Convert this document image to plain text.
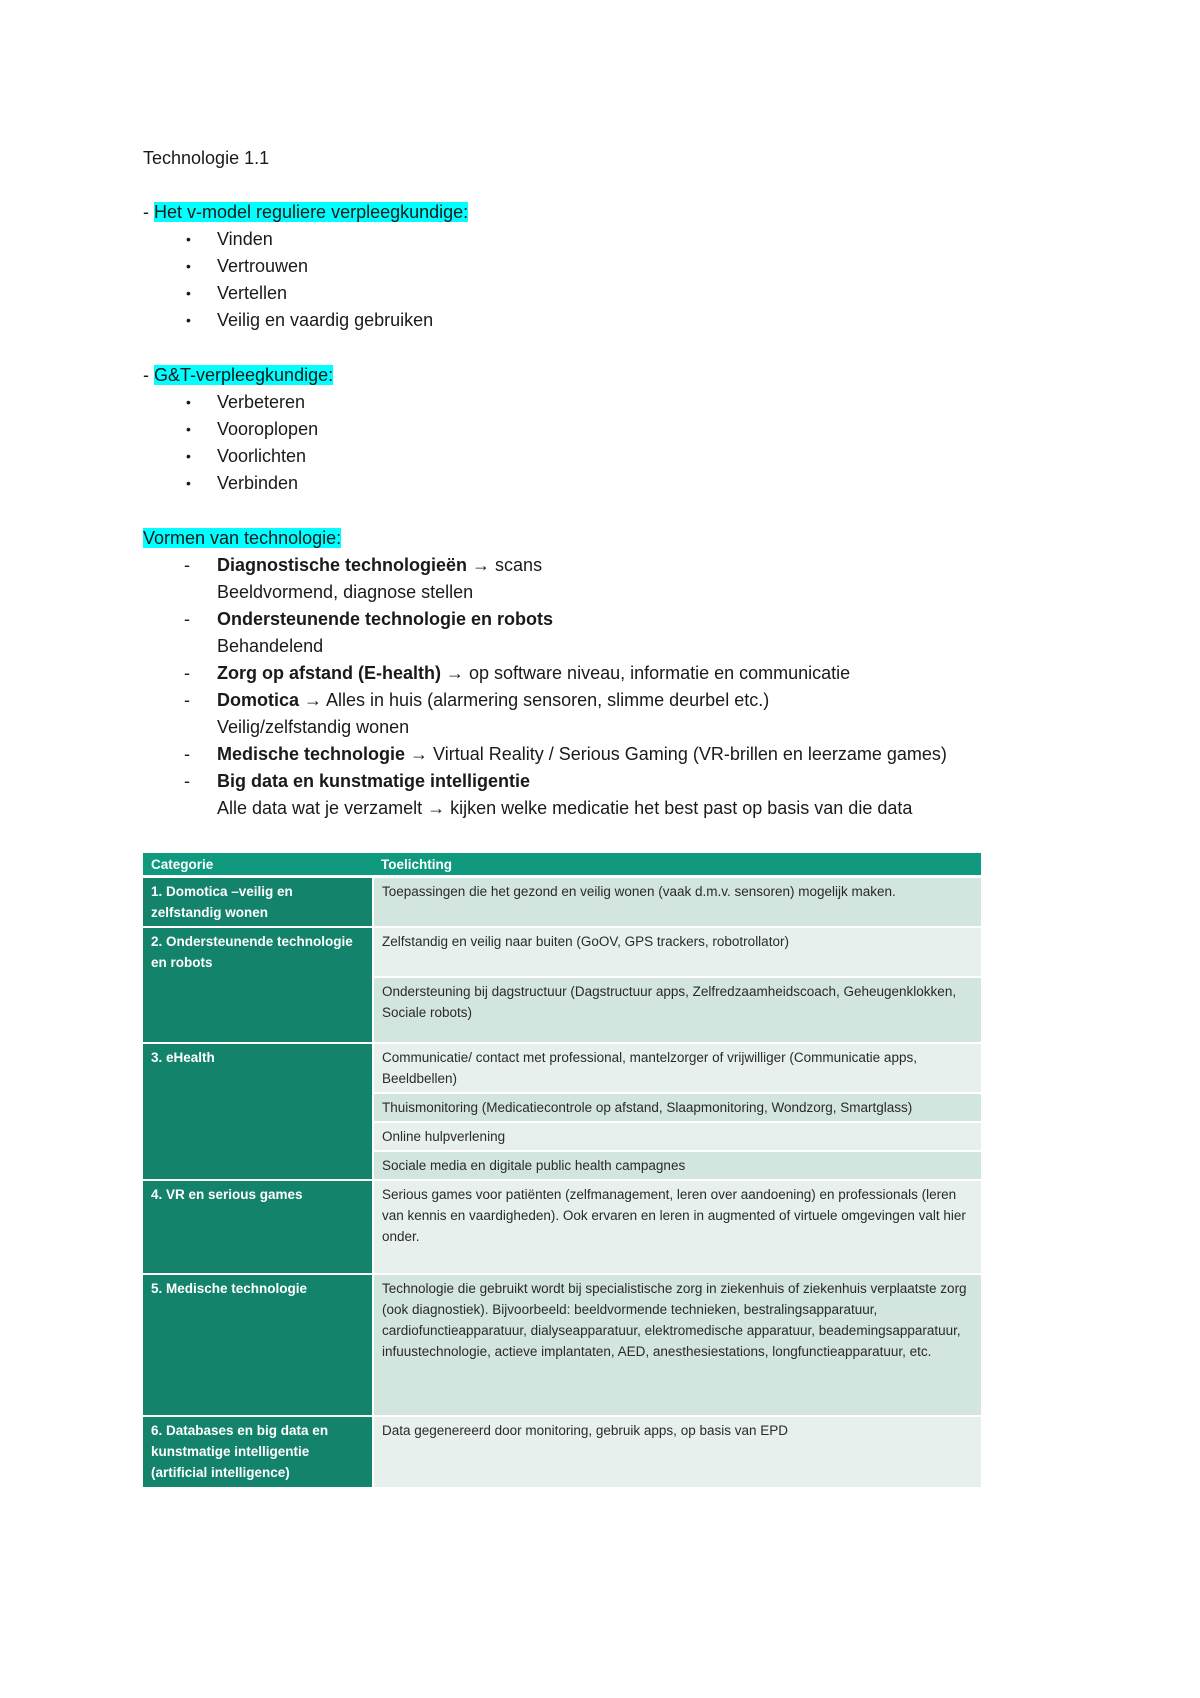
Technologie 1.1
- Het v-model reguliere verpleegkundige:
• Vinden
• Vertrouwen
• Vertellen
• Veilig en vaardig gebruiken
- G&T-verpleegkundige:
• Verbeteren
• Vooroplopen
• Voorlichten
• Verbinden
Vormen van technologie:
- Diagnostische technologieën → scans
Beeldvormend, diagnose stellen
- Ondersteunende technologie en robots
Behandelend
- Zorg op afstand (E-health) → op software niveau, informatie en communicatie
- Domotica → Alles in huis (alarmering sensoren, slimme deurbel etc.)
Veilig/zelfstandig wonen
- Medische technologie → Virtual Reality / Serious Gaming (VR-brillen en leerzame games)
- Big data en kunstmatige intelligentie
Alle data wat je verzamelt → kijken welke medicatie het best past op basis van die data
Categorie	Toelichting
1. Domotica –veilig en zelfstandig wonen	Toepassingen die het gezond en veilig wonen (vaak d.m.v. sensoren) mogelijk maken.
2. Ondersteunende technologie en robots	Zelfstandig en veilig naar buiten (GoOV, GPS trackers, robotrollator)
	Ondersteuning bij dagstructuur (Dagstructuur apps, Zelfredzaamheidscoach, Geheugenklokken, Sociale robots)
3. eHealth	Communicatie/ contact met professional, mantelzorger of vrijwilliger (Communicatie apps, Beeldbellen)
	Thuismonitoring (Medicatiecontrole op afstand, Slaapmonitoring, Wondzorg, Smartglass)
	Online hulpverlening
	Sociale media en digitale public health campagnes
4. VR en serious games	Serious games voor patiënten (zelfmanagement, leren over aandoening) en professionals (leren van kennis en vaardigheden). Ook ervaren en leren in augmented of virtuele omgevingen valt hier onder.
5. Medische technologie	Technologie die gebruikt wordt bij specialistische zorg in ziekenhuis of ziekenhuis verplaatste zorg (ook diagnostiek). Bijvoorbeeld: beeldvormende technieken, bestralingsapparatuur, cardiofunctieapparatuur, dialyseapparatuur, elektromedische apparatuur, beademingsapparatuur, infuustechnologie, actieve implantaten, AED, anesthesiestations, longfunctieapparatuur, etc.
6. Databases en big data en kunstmatige intelligentie (artificial intelligence)	Data gegenereerd door monitoring, gebruik apps, op basis van EPD
